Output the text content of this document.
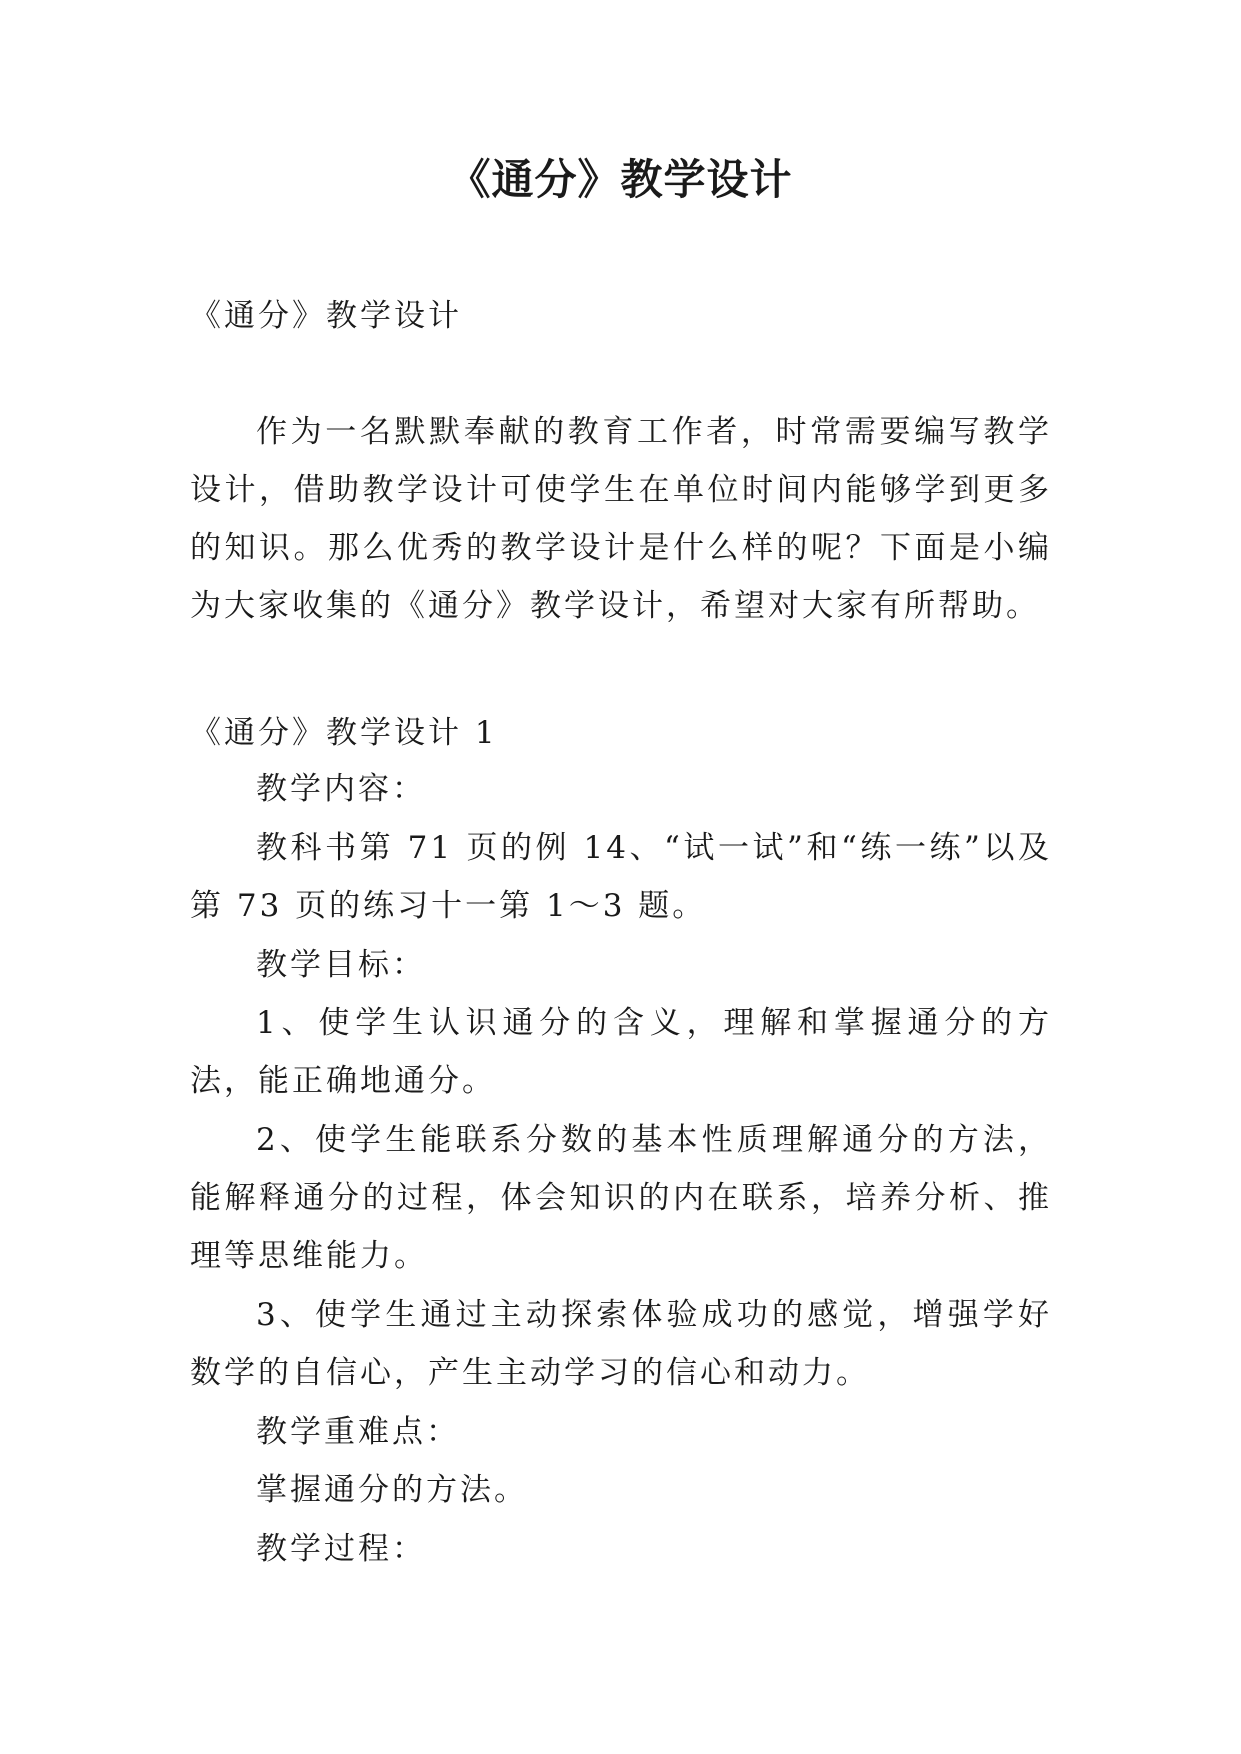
《通分》教学设计

《通分》教学设计

作为一名默默奉献的教育工作者，时常需要编写教学设计，借助教学设计可使学生在单位时间内能够学到更多的知识。那么优秀的教学设计是什么样的呢？下面是小编为大家收集的《通分》教学设计，希望对大家有所帮助。

《通分》教学设计 1

教学内容：

教科书第 71 页的例 14、“试一试”和“练一练”以及第 73 页的练习十一第 1～3 题。

教学目标：

1、使学生认识通分的含义，理解和掌握通分的方法，能正确地通分。

2、使学生能联系分数的基本性质理解通分的方法，能解释通分的过程，体会知识的内在联系，培养分析、推理等思维能力。

3、使学生通过主动探索体验成功的感觉，增强学好数学的自信心，产生主动学习的信心和动力。

教学重难点：

掌握通分的方法。

教学过程：
